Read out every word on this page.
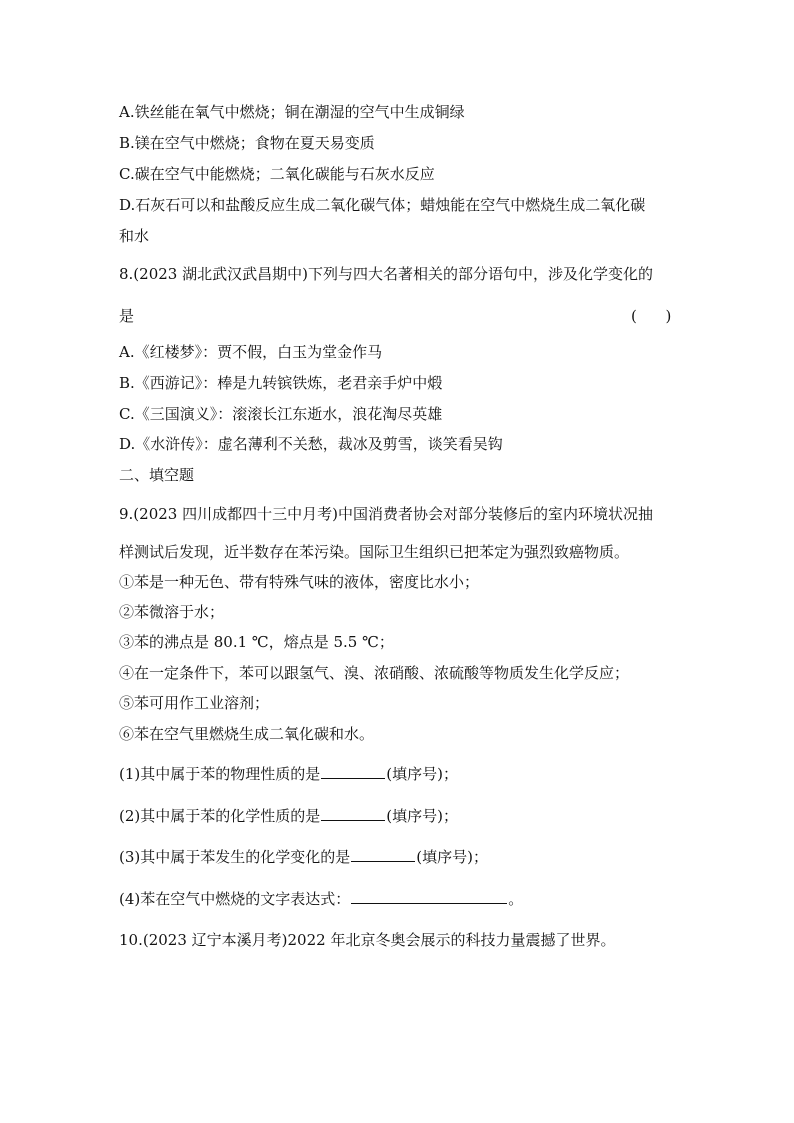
A.铁丝能在氧气中燃烧；铜在潮湿的空气中生成铜绿
B.镁在空气中燃烧；食物在夏天易变质
C.碳在空气中能燃烧；二氧化碳能与石灰水反应
D.石灰石可以和盐酸反应生成二氧化碳气体；蜡烛能在空气中燃烧生成二氧化碳
和水
8.(2023 湖北武汉武昌期中)下列与四大名著相关的部分语句中，涉及化学变化的
是	(      )
A.《红楼梦》：贾不假，白玉为堂金作马
B.《西游记》：棒是九转镔铁炼，老君亲手炉中煅
C.《三国演义》：滚滚长江东逝水，浪花淘尽英雄
D.《水浒传》：虚名薄利不关愁，裁冰及剪雪，谈笑看吴钩
二、填空题
9.(2023 四川成都四十三中月考)中国消费者协会对部分装修后的室内环境状况抽
样测试后发现，近半数存在苯污染。国际卫生组织已把苯定为强烈致癌物质。
①苯是一种无色、带有特殊气味的液体，密度比水小；
②苯微溶于水；
③苯的沸点是 80.1 ℃，熔点是 5.5 ℃；
④在一定条件下，苯可以跟氢气、溴、浓硝酸、浓硫酸等物质发生化学反应；
⑤苯可用作工业溶剂；
⑥苯在空气里燃烧生成二氧化碳和水。
(1)其中属于苯的物理性质的是	(填序号)；
(2)其中属于苯的化学性质的是	(填序号)；
(3)其中属于苯发生的化学变化的是	(填序号)；
(4)苯在空气中燃烧的文字表达式：	。
10.(2023 辽宁本溪月考)2022 年北京冬奥会展示的科技力量震撼了世界。
